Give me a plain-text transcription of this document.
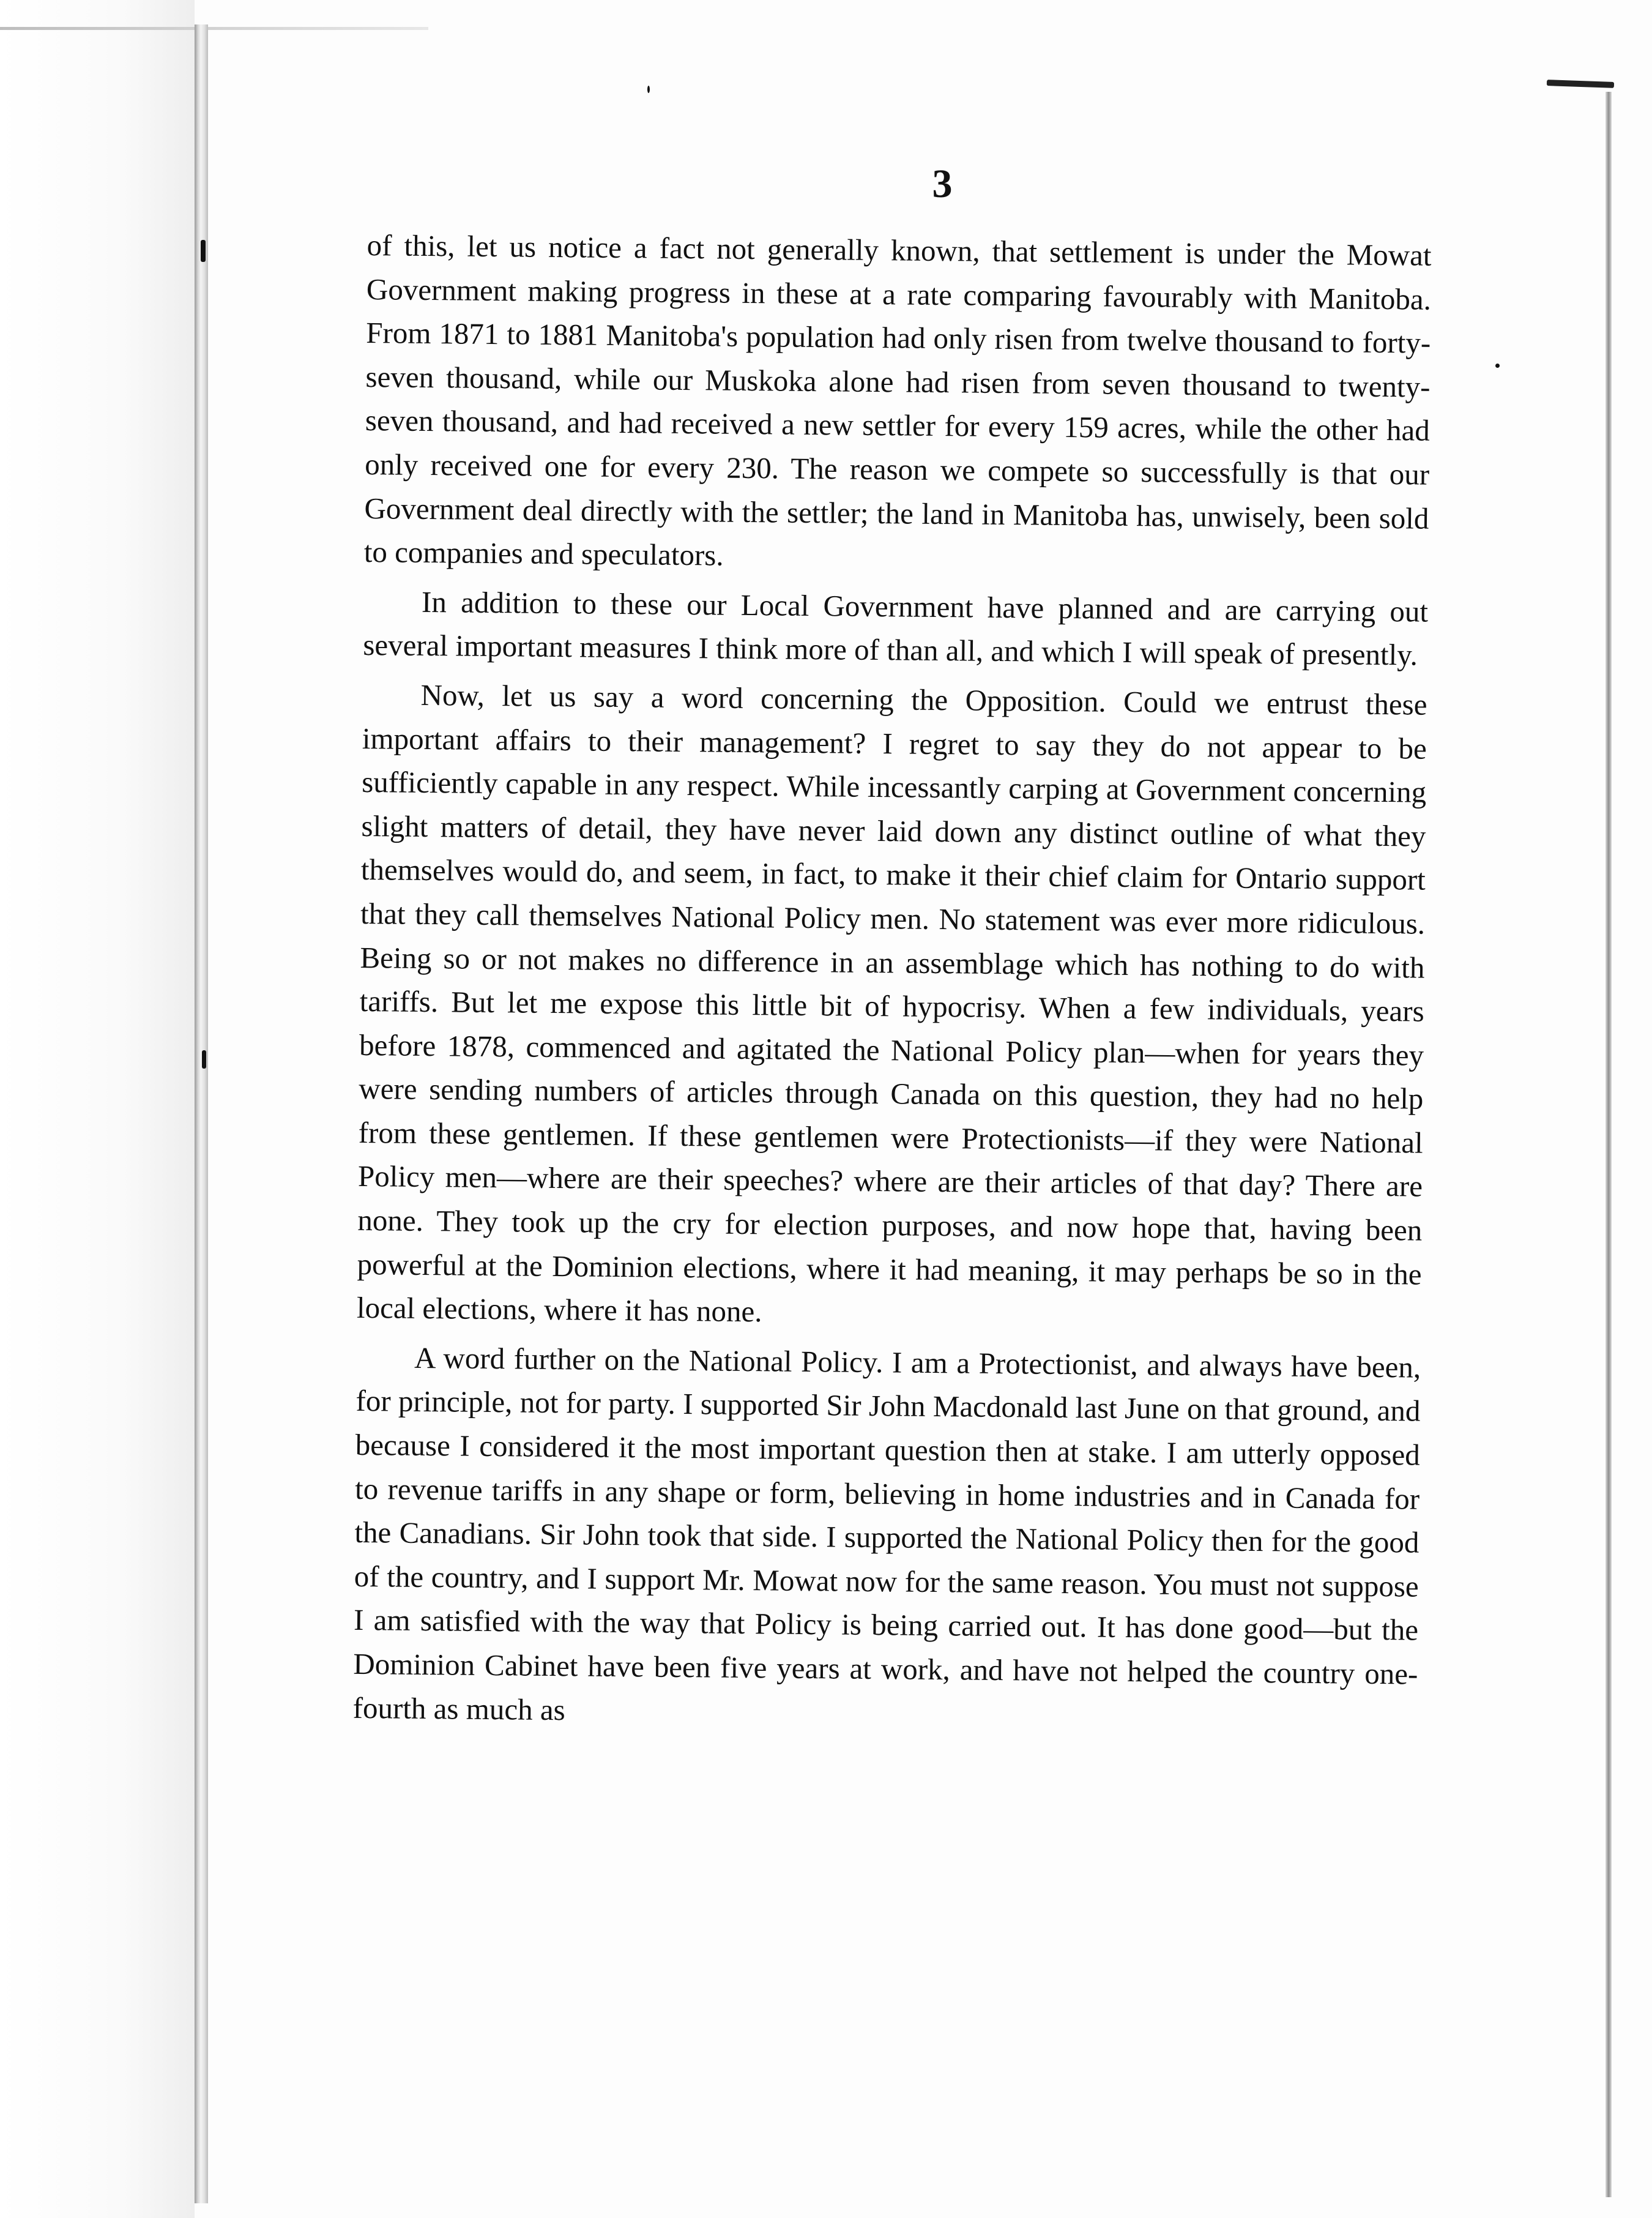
3

of this, let us notice a fact not generally known, that settlement is under the Mowat Government making progress in these at a rate comparing favourably with Manitoba. From 1871 to 1881 Manitoba's population had only risen from twelve thousand to forty-seven thousand, while our Muskoka alone had risen from seven thousand to twenty-seven thousand, and had received a new settler for every 159 acres, while the other had only received one for every 230. The reason we compete so successfully is that our Government deal directly with the settler; the land in Manitoba has, unwisely, been sold to companies and speculators.

In addition to these our Local Government have planned and are carrying out several important measures I think more of than all, and which I will speak of presently.

Now, let us say a word concerning the Opposition. Could we entrust these important affairs to their management? I regret to say they do not appear to be sufficiently capable in any respect. While incessantly carping at Government concerning slight matters of detail, they have never laid down any distinct outline of what they themselves would do, and seem, in fact, to make it their chief claim for Ontario support that they call themselves National Policy men. No statement was ever more ridiculous. Being so or not makes no difference in an assemblage which has nothing to do with tariffs. But let me expose this little bit of hypocrisy. When a few individuals, years before 1878, commenced and agitated the National Policy plan—when for years they were sending numbers of articles through Canada on this question, they had no help from these gentlemen. If these gentlemen were Protectionists—if they were National Policy men—where are their speeches? where are their articles of that day? There are none. They took up the cry for election purposes, and now hope that, having been powerful at the Dominion elections, where it had meaning, it may perhaps be so in the local elections, where it has none.

A word further on the National Policy. I am a Protectionist, and always have been, for principle, not for party. I supported Sir John Macdonald last June on that ground, and because I considered it the most important question then at stake. I am utterly opposed to revenue tariffs in any shape or form, believing in home industries and in Canada for the Canadians. Sir John took that side. I supported the National Policy then for the good of the country, and I support Mr. Mowat now for the same reason. You must not suppose I am satisfied with the way that Policy is being carried out. It has done good—but the Dominion Cabinet have been five years at work, and have not helped the country one-fourth as much as
